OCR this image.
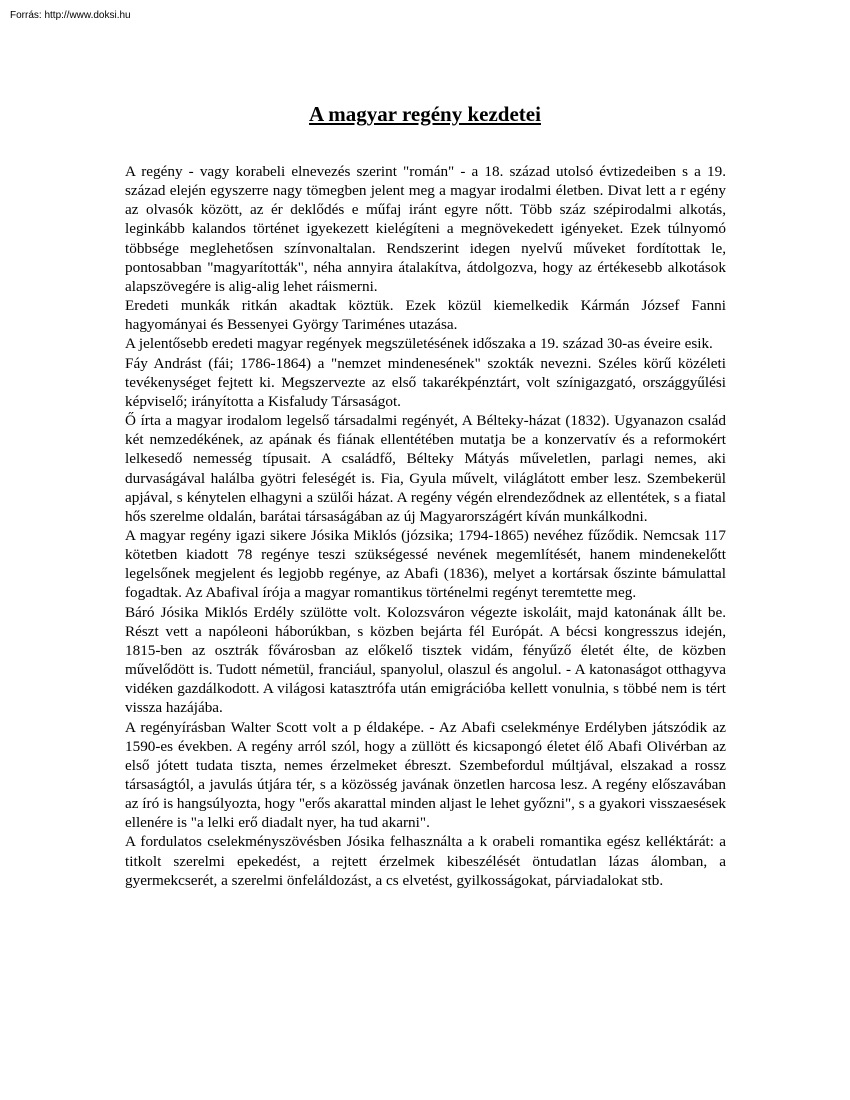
Forrás: http://www.doksi.hu
A magyar regény kezdetei

A regény - vagy korabeli elnevezés szerint "román" - a 18. század utolsó évtizedeiben s a 19. század elején egyszerre nagy tömegben jelent meg a magyar irodalmi életben. Divat lett a r egény az olvasók között, az ér deklődés e műfaj iránt egyre nőtt. Több száz szépirodalmi alkotás, leginkább kalandos történet igyekezett kielégíteni a megnövekedett igényeket. Ezek túlnyomó többsége meglehetősen színvonaltalan. Rendszerint idegen nyelvű műveket fordítottak le, pontosabban "magyarították", néha annyira átalakítva, átdolgozva, hogy az értékesebb alkotások alapszövegére is alig-alig lehet ráismerni.

Eredeti munkák ritkán akadtak köztük. Ezek közül kiemelkedik Kármán József Fanni hagyományai és Bessenyei György Tariménes utazása.

A jelentősebb eredeti magyar regények megszületésének időszaka a 19. század 30-as éveire esik.

Fáy Andrást (fái; 1786-1864) a "nemzet mindenesének" szokták nevezni. Széles körű közéleti tevékenységet fejtett ki. Megszervezte az első takarékpénztárt, volt színigazgató, országgyűlési képviselő; irányította a Kisfaludy Társaságot.

Ő írta a magyar irodalom legelső társadalmi regényét, A Bélteky-házat (1832). Ugyanazon család két nemzedékének, az apának és fiának ellentétében mutatja be a konzervatív és a reformokért lelkesedő nemesség típusait. A családfő, Bélteky Mátyás műveletlen, parlagi nemes, aki durvaságával halálba gyötri feleségét is. Fia, Gyula művelt, világlátott ember lesz. Szembekerül apjával, s kénytelen elhagyni a szülői házat. A regény végén elrendeződnek az ellentétek, s a fiatal hős szerelme oldalán, barátai társaságában az új Magyarországért kíván munkálkodni.

A magyar regény igazi sikere Jósika Miklós (józsika; 1794-1865) nevéhez fűződik. Nemcsak 117 kötetben kiadott 78 regénye teszi szükségessé nevének megemlítését, hanem mindenekelőtt legelsőnek megjelent és legjobb regénye, az Abafi (1836), melyet a kortársak őszinte bámulattal fogadtak. Az Abafival írója a magyar romantikus történelmi regényt teremtette meg.

Báró Jósika Miklós Erdély szülötte volt. Kolozsváron végezte iskoláit, majd katonának állt be. Részt vett a napóleoni háborúkban, s közben bejárta fél Európát. A bécsi kongresszus idején, 1815-ben az osztrák fővárosban az előkelő tisztek vidám, fényűző életét élte, de közben művelődött is. Tudott németül, franciául, spanyolul, olaszul és angolul. - A katonaságot otthagyva vidéken gazdálkodott. A világosi katasztrófa után emigrációba kellett vonulnia, s többé nem is tért vissza hazájába.

A regényírásban Walter Scott volt a p éldaképe. - Az Abafi cselekménye Erdélyben játszódik az 1590-es években. A regény arról szól, hogy a züllött és kicsapongó életet élő Abafi Olivérban az első jótett tudata tiszta, nemes érzelmeket ébreszt. Szembefordul múltjával, elszakad a rossz társaságtól, a javulás útjára tér, s a közösség javának önzetlen harcosa lesz. A regény előszavában az író is hangsúlyozta, hogy "erős akarattal minden aljast le lehet győzni", s a gyakori visszaesések ellenére is "a lelki erő diadalt nyer, ha tud akarni".

A fordulatos cselekményszövésben Jósika felhasználta a k orabeli romantika egész kelléktárát: a titkolt szerelmi epekedést, a rejtett érzelmek kibeszélését öntudatlan lázas álomban, a gyermekcserét, a szerelmi önfeláldozást, a cs elvetést, gyilkosságokat, párviadalokat stb.
